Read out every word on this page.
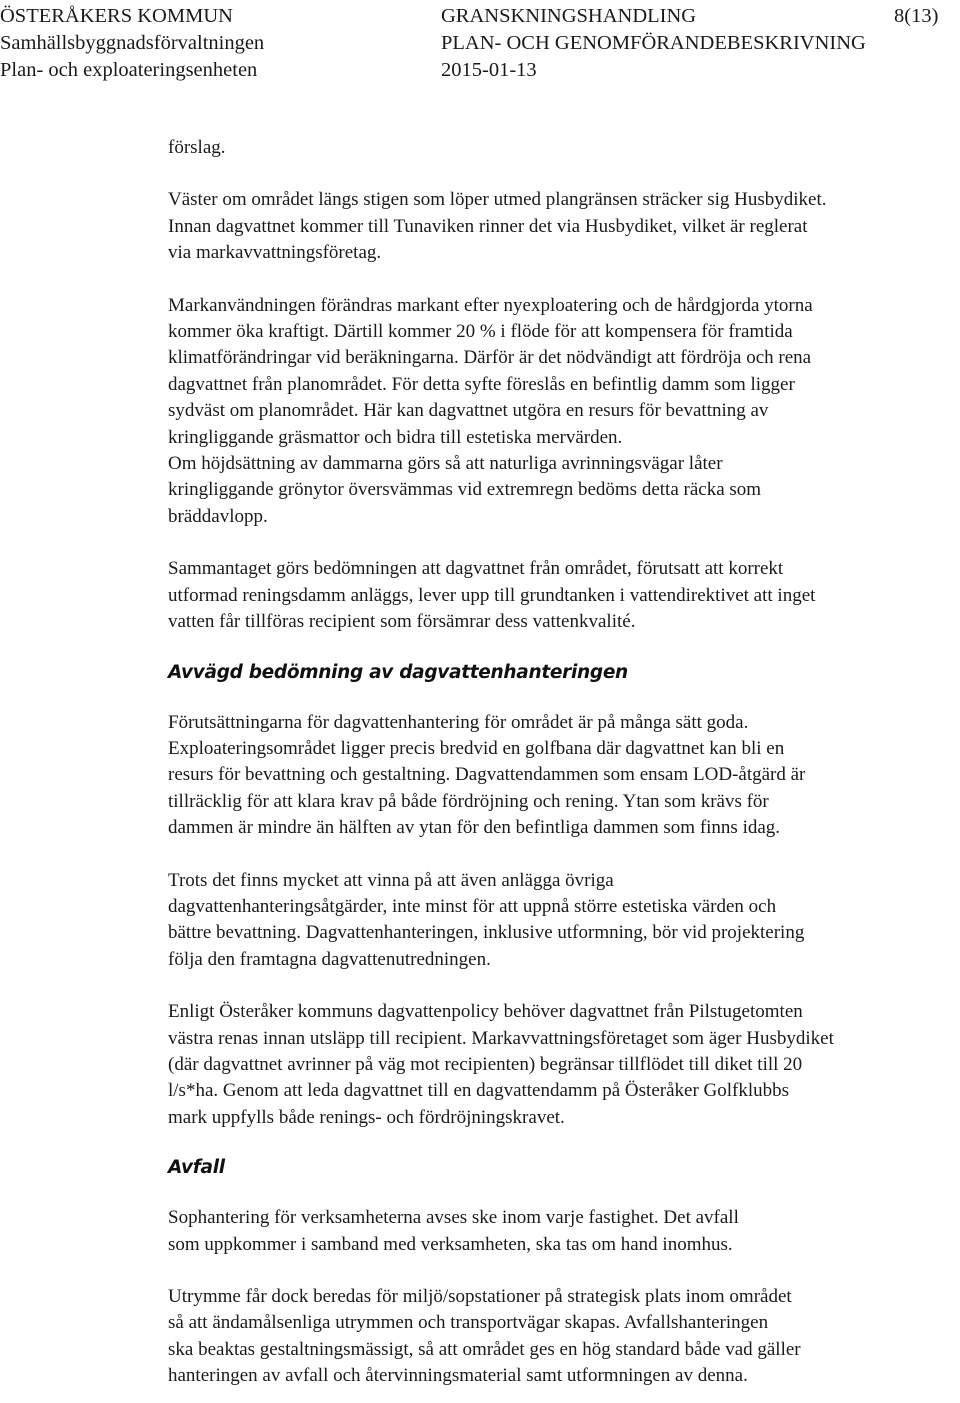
ÖSTERÅKERS KOMMUN	GRANSKNINGSHANDLING	8(13)
Samhällsbyggnadsförvaltningen	PLAN- OCH GENOMFÖRANDEBESKRIVNING
Plan- och exploateringsenheten	2015-01-13

förslag.

Väster om området längs stigen som löper utmed plangränsen sträcker sig Husbydiket.
Innan dagvattnet kommer till Tunaviken rinner det via Husbydiket, vilket är reglerat
via markavvattningsföretag.

Markanvändningen förändras markant efter nyexploatering och de hårdgjorda ytorna
kommer öka kraftigt. Därtill kommer 20 % i flöde för att kompensera för framtida
klimatförändringar vid beräkningarna. Därför är det nödvändigt att fördröja och rena
dagvattnet från planområdet. För detta syfte föreslås en befintlig damm som ligger
sydväst om planområdet. Här kan dagvattnet utgöra en resurs för bevattning av
kringliggande gräsmattor och bidra till estetiska mervärden.
Om höjdsättning av dammarna görs så att naturliga avrinningsvägar låter
kringliggande grönytor översvämmas vid extremregn bedöms detta räcka som
bräddavlopp.

Sammantaget görs bedömningen att dagvattnet från området, förutsatt att korrekt
utformad reningsdamm anläggs, lever upp till grundtanken i vattendirektivet att inget
vatten får tillföras recipient som försämrar dess vattenkvalité.

Avvägd bedömning av dagvattenhanteringen

Förutsättningarna för dagvattenhantering för området är på många sätt goda.
Exploateringsområdet ligger precis bredvid en golfbana där dagvattnet kan bli en
resurs för bevattning och gestaltning. Dagvattendammen som ensam LOD-åtgärd är
tillräcklig för att klara krav på både fördröjning och rening. Ytan som krävs för
dammen är mindre än hälften av ytan för den befintliga dammen som finns idag.

Trots det finns mycket att vinna på att även anlägga övriga
dagvattenhanteringsåtgärder, inte minst för att uppnå större estetiska värden och
bättre bevattning. Dagvattenhanteringen, inklusive utformning, bör vid projektering
följa den framtagna dagvattenutredningen.

Enligt Österåker kommuns dagvattenpolicy behöver dagvattnet från Pilstugetomten
västra renas innan utsläpp till recipient. Markavvattningsföretaget som äger Husbydiket
(där dagvattnet avrinner på väg mot recipienten) begränsar tillflödet till diket till 20
l/s*ha. Genom att leda dagvattnet till en dagvattendamm på Österåker Golfklubbs
mark uppfylls både renings- och fördröjningskravet.

Avfall

Sophantering för verksamheterna avses ske inom varje fastighet. Det avfall
som uppkommer i samband med verksamheten, ska tas om hand inomhus.

Utrymme får dock beredas för miljö/sopstationer på strategisk plats inom området
så att ändamålsenliga utrymmen och transportvägar skapas. Avfallshanteringen
ska beaktas gestaltningsmässigt, så att området ges en hög standard både vad gäller
hanteringen av avfall och återvinningsmaterial samt utformningen av denna.
